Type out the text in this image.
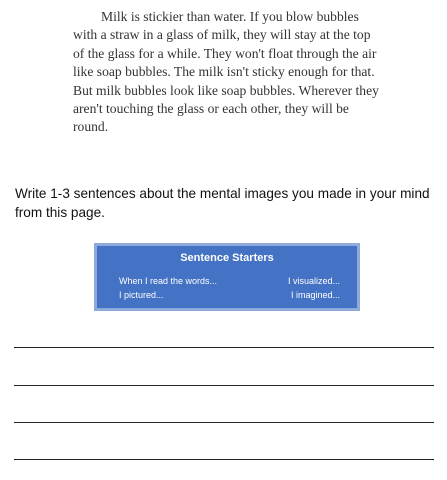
Milk is stickier than water. If you blow bubbles with a straw in a glass of milk, they will stay at the top of the glass for a while. They won't float through the air like soap bubbles. The milk isn't sticky enough for that. But milk bubbles look like soap bubbles. Wherever they aren't touching the glass or each other, they will be round.

Write 1-3 sentences about the mental images you made in your mind from this page.

Sentence Starters
When I read the words...	I visualized...
I pictured...	I imagined...
